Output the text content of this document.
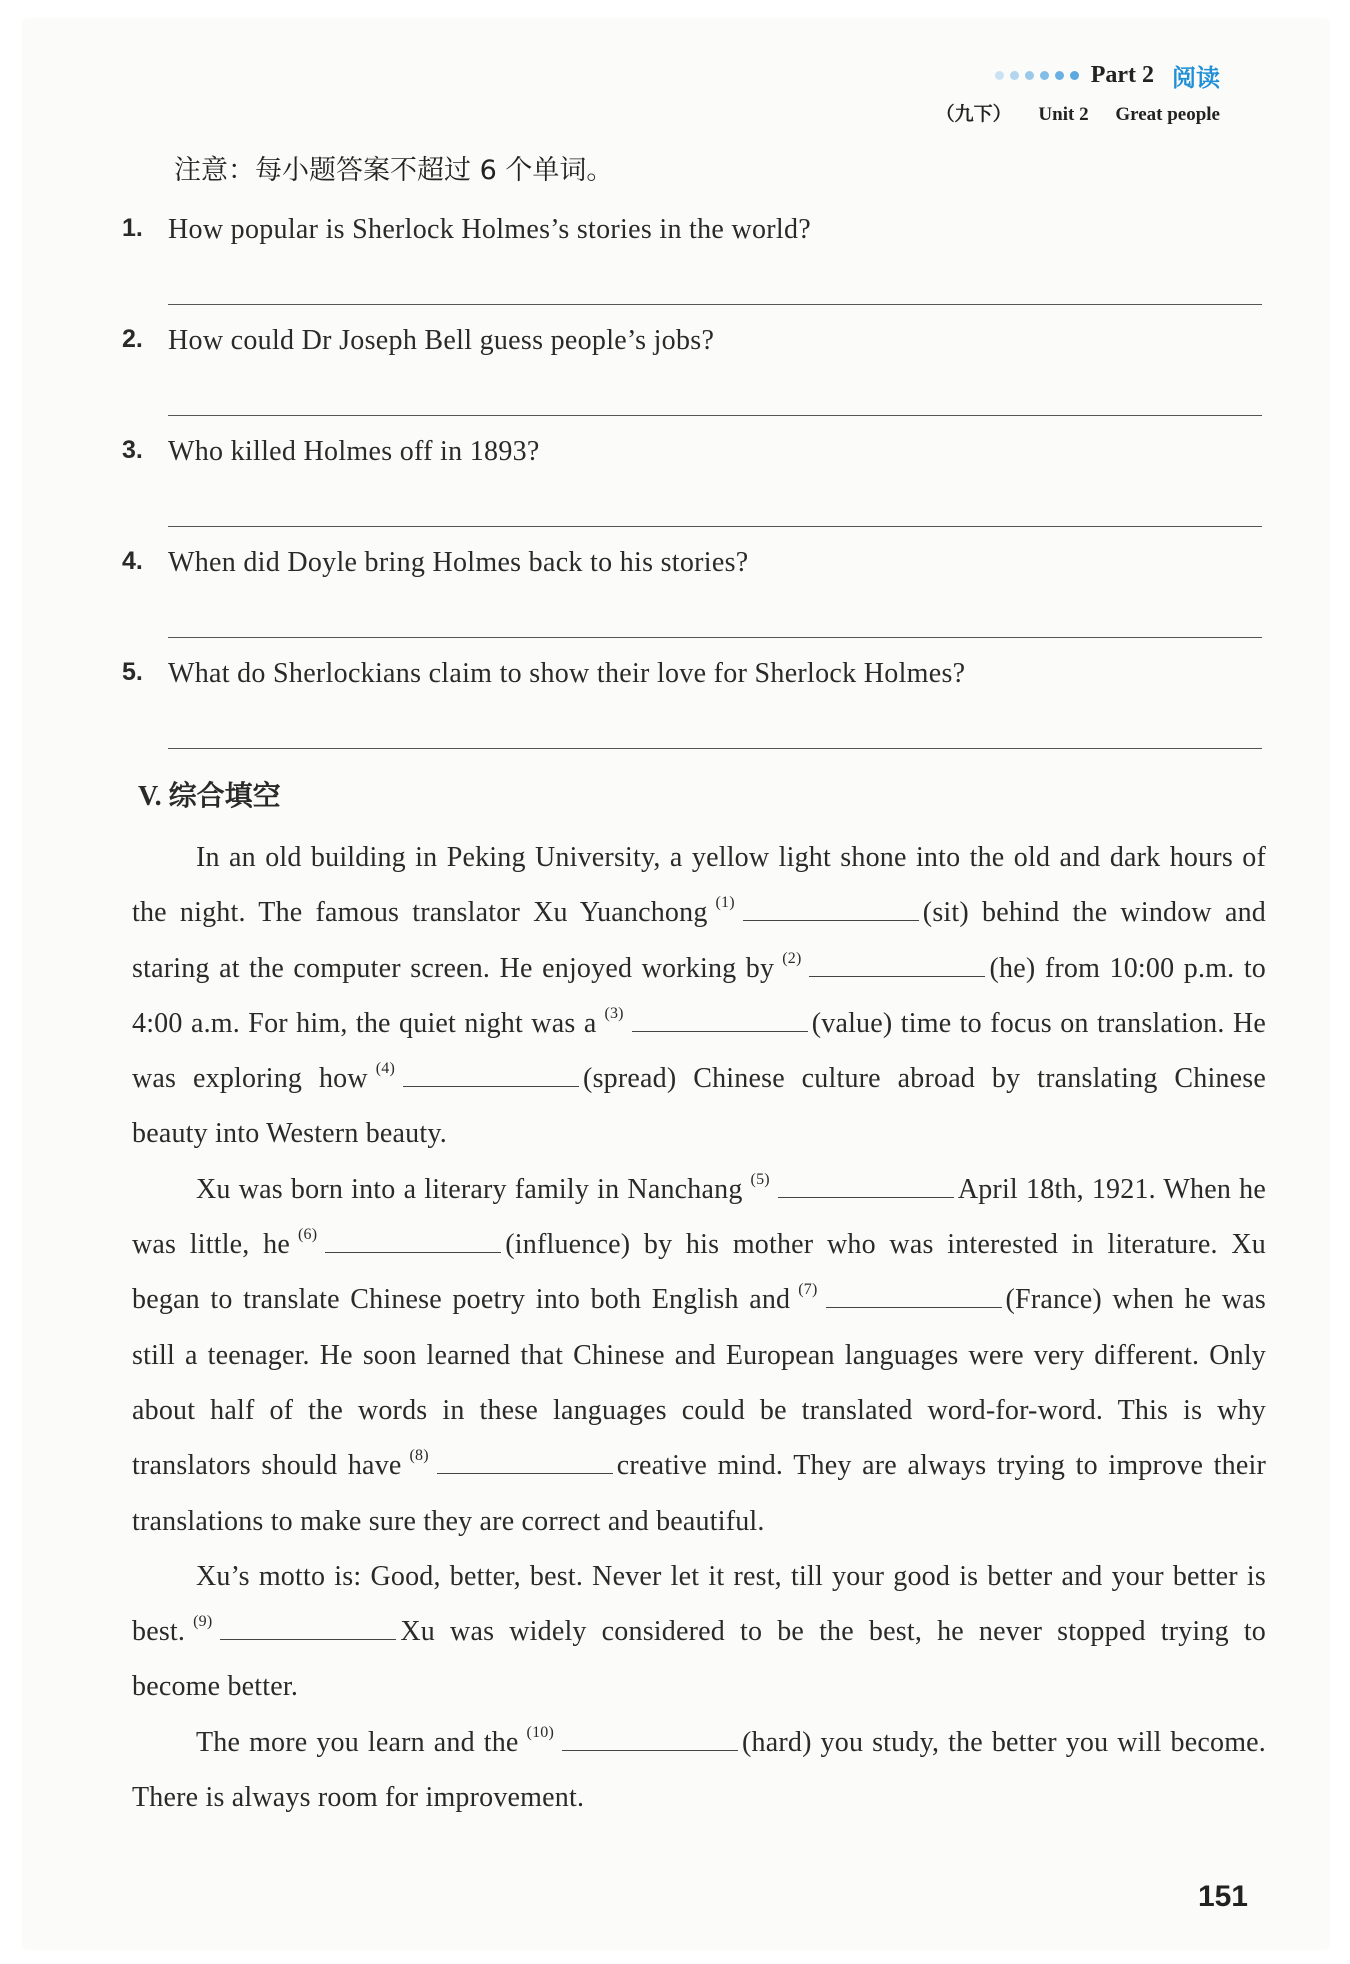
Part 2 阅读
（九下） Unit 2 Great people
注意：每小题答案不超过 6 个单词。
1. How popular is Sherlock Holmes’s stories in the world?
2. How could Dr Joseph Bell guess people’s jobs?
3. Who killed Holmes off in 1893?
4. When did Doyle bring Holmes back to his stories?
5. What do Sherlockians claim to show their love for Sherlock Holmes?
V. 综合填空

In an old building in Peking University, a yellow light shone into the old and dark hours of the night. The famous translator Xu Yuanchong $^{(1)}$	(sit) behind the window and staring at the computer screen. He enjoyed working by $^{(2)}$	(he) from 10:00 p.m. to 4:00 a.m. For him, the quiet night was a $^{(3)}$	(value) time to focus on translation. He was exploring how $^{(4)}$	(spread) Chinese culture abroad by translating Chinese beauty into Western beauty.

Xu was born into a literary family in Nanchang $^{(5)}$	April 18th, 1921. When he was little, he $^{(6)}$	(influence) by his mother who was interested in literature. Xu began to translate Chinese poetry into both English and $^{(7)}$	(France) when he was still a teenager. He soon learned that Chinese and European languages were very different. Only about half of the words in these languages could be translated word-for-word. This is why translators should have $^{(8)}$	creative mind. They are always trying to improve their translations to make sure they are correct and beautiful.

Xu’s motto is: Good, better, best. Never let it rest, till your good is better and your better is best. $^{(9)}$	Xu was widely considered to be the best, he never stopped trying to become better.

The more you learn and the $^{(10)}$	(hard) you study, the better you will become. There is always room for improvement.

151
